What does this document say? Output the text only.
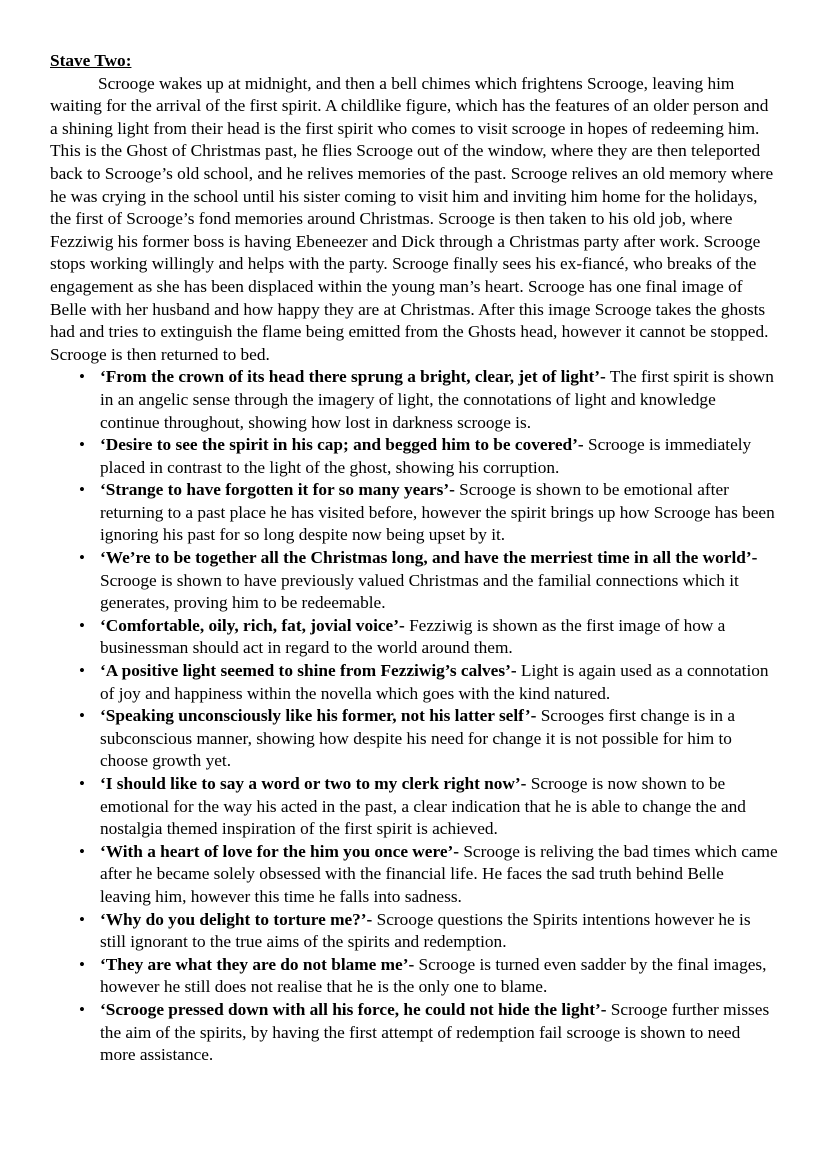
Stave Two:

Scrooge wakes up at midnight, and then a bell chimes which frightens Scrooge, leaving him waiting for the arrival of the first spirit. A childlike figure, which has the features of an older person and a shining light from their head is the first spirit who comes to visit scrooge in hopes of redeeming him. This is the Ghost of Christmas past, he flies Scrooge out of the window, where they are then teleported back to Scrooge’s old school, and he relives memories of the past. Scrooge relives an old memory where he was crying in the school until his sister coming to visit him and inviting him home for the holidays, the first of Scrooge’s fond memories around Christmas. Scrooge is then taken to his old job, where Fezziwig his former boss is having Ebeneezer and Dick through a Christmas party after work. Scrooge stops working willingly and helps with the party. Scrooge finally sees his ex-fiancé, who breaks of the engagement as she has been displaced within the young man’s heart. Scrooge has one final image of Belle with her husband and how happy they are at Christmas. After this image Scrooge takes the ghosts had and tries to extinguish the flame being emitted from the Ghosts head, however it cannot be stopped. Scrooge is then returned to bed.

• ‘From the crown of its head there sprung a bright, clear, jet of light’- The first spirit is shown in an angelic sense through the imagery of light, the connotations of light and knowledge continue throughout, showing how lost in darkness scrooge is.
• ‘Desire to see the spirit in his cap; and begged him to be covered’- Scrooge is immediately placed in contrast to the light of the ghost, showing his corruption.
• ‘Strange to have forgotten it for so many years’- Scrooge is shown to be emotional after returning to a past place he has visited before, however the spirit brings up how Scrooge has been ignoring his past for so long despite now being upset by it.
• ‘We’re to be together all the Christmas long, and have the merriest time in all the world’- Scrooge is shown to have previously valued Christmas and the familial connections which it generates, proving him to be redeemable.
• ‘Comfortable, oily, rich, fat, jovial voice’- Fezziwig is shown as the first image of how a businessman should act in regard to the world around them.
• ‘A positive light seemed to shine from Fezziwig’s calves’- Light is again used as a connotation of joy and happiness within the novella which goes with the kind natured.
• ‘Speaking unconsciously like his former, not his latter self’- Scrooges first change is in a subconscious manner, showing how despite his need for change it is not possible for him to choose growth yet.
• ‘I should like to say a word or two to my clerk right now’- Scrooge is now shown to be emotional for the way his acted in the past, a clear indication that he is able to change the and nostalgia themed inspiration of the first spirit is achieved.
• ‘With a heart of love for the him you once were’- Scrooge is reliving the bad times which came after he became solely obsessed with the financial life. He faces the sad truth behind Belle leaving him, however this time he falls into sadness.
• ‘Why do you delight to torture me?’- Scrooge questions the Spirits intentions however he is still ignorant to the true aims of the spirits and redemption.
• ‘They are what they are do not blame me’- Scrooge is turned even sadder by the final images, however he still does not realise that he is the only one to blame.
• ‘Scrooge pressed down with all his force, he could not hide the light’- Scrooge further misses the aim of the spirits, by having the first attempt of redemption fail scrooge is shown to need more assistance.
